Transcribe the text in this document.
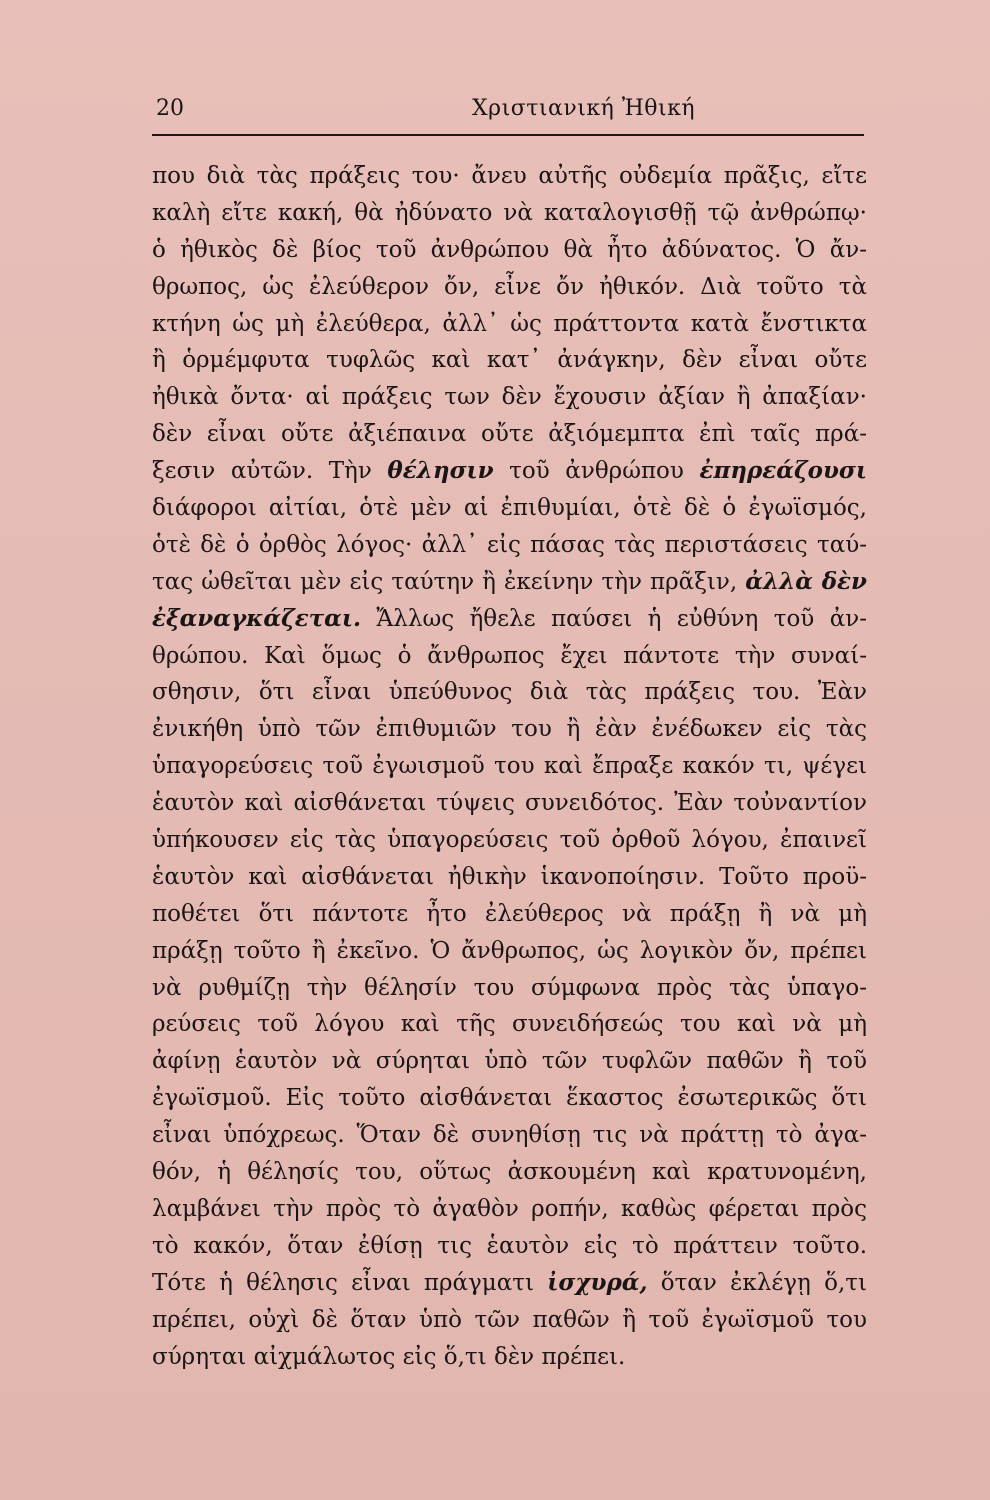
20	Χριστιανική Ἠθική
που διὰ τὰς πράξεις του· ἄνευ αὐτῆς οὐδεμία πρᾶξις, εἴτε
καλὴ εἴτε κακή, θὰ ἠδύνατο νὰ καταλογισθῇ τῷ ἀνθρώπῳ·
ὁ ἠθικὸς δὲ βίος τοῦ ἀνθρώπου θὰ ἦτο ἀδύνατος. Ὁ ἄν-
θρωπος, ὡς ἐλεύθερον ὄν, εἶνε ὄν ἠθικόν. Διὰ τοῦτο τὰ
κτήνη ὡς μὴ ἐλεύθερα, ἀλλ᾿ ὡς πράττοντα κατὰ ἔνστικτα
ἢ ὁρμέμφυτα τυφλῶς καὶ κατ᾿ ἀνάγκην, δὲν εἶναι οὔτε
ἠθικὰ ὄντα· αἱ πράξεις των δὲν ἔχουσιν ἀξίαν ἢ ἀπαξίαν·
δὲν εἶναι οὔτε ἀξιέπαινα οὔτε ἀξιόμεμπτα ἐπὶ ταῖς πρά-
ξεσιν αὐτῶν. Τὴν θέλησιν τοῦ ἀνθρώπου ἐπηρεάζουσι
διάφοροι αἰτίαι, ὁτὲ μὲν αἱ ἐπιθυμίαι, ὁτὲ δὲ ὁ ἐγωϊσμός,
ὁτὲ δὲ ὁ ὀρθὸς λόγος· ἀλλ᾿ εἰς πάσας τὰς περιστάσεις ταύ-
τας ὠθεῖται μὲν εἰς ταύτην ἢ ἐκείνην τὴν πρᾶξιν, ἀλλὰ δὲν
ἐξαναγκάζεται. Ἄλλως ἤθελε παύσει ἡ εὐθύνη τοῦ ἀν-
θρώπου. Καὶ ὅμως ὁ ἄνθρωπος ἔχει πάντοτε τὴν συναί-
σθησιν, ὅτι εἶναι ὑπεύθυνος διὰ τὰς πράξεις του. Ἐὰν
ἐνικήθη ὑπὸ τῶν ἐπιθυμιῶν του ἢ ἐὰν ἐνέδωκεν εἰς τὰς
ὑπαγορεύσεις τοῦ ἐγωισμοῦ του καὶ ἔπραξε κακόν τι, ψέγει
ἑαυτὸν καὶ αἰσθάνεται τύψεις συνειδότος. Ἐὰν τοὐναντίον
ὑπήκουσεν εἰς τὰς ὑπαγορεύσεις τοῦ ὀρθοῦ λόγου, ἐπαινεῖ
ἑαυτὸν καὶ αἰσθάνεται ἠθικὴν ἱκανοποίησιν. Τοῦτο προϋ-
ποθέτει ὅτι πάντοτε ἦτο ἐλεύθερος νὰ πράξῃ ἢ νὰ μὴ
πράξῃ τοῦτο ἢ ἐκεῖνο. Ὁ ἄνθρωπος, ὡς λογικὸν ὄν, πρέπει
νὰ ρυθμίζῃ τὴν θέλησίν του σύμφωνα πρὸς τὰς ὑπαγο-
ρεύσεις τοῦ λόγου καὶ τῆς συνειδήσεώς του καὶ νὰ μὴ
ἀφίνῃ ἑαυτὸν νὰ σύρηται ὑπὸ τῶν τυφλῶν παθῶν ἢ τοῦ
ἐγωϊσμοῦ. Εἰς τοῦτο αἰσθάνεται ἕκαστος ἐσωτερικῶς ὅτι
εἶναι ὑπόχρεως. Ὅταν δὲ συνηθίσῃ τις νὰ πράττῃ τὸ ἀγα-
θόν, ἡ θέλησίς του, οὕτως ἀσκουμένη καὶ κρατυνομένη,
λαμβάνει τὴν πρὸς τὸ ἀγαθὸν ροπήν, καθὼς φέρεται πρὸς
τὸ κακόν, ὅταν ἐθίσῃ τις ἑαυτὸν εἰς τὸ πράττειν τοῦτο.
Τότε ἡ θέλησις εἶναι πράγματι ἰσχυρά, ὅταν ἐκλέγῃ ὅ,τι
πρέπει, οὐχὶ δὲ ὅταν ὑπὸ τῶν παθῶν ἢ τοῦ ἐγωϊσμοῦ του
σύρηται αἰχμάλωτος εἰς ὅ,τι δὲν πρέπει.
